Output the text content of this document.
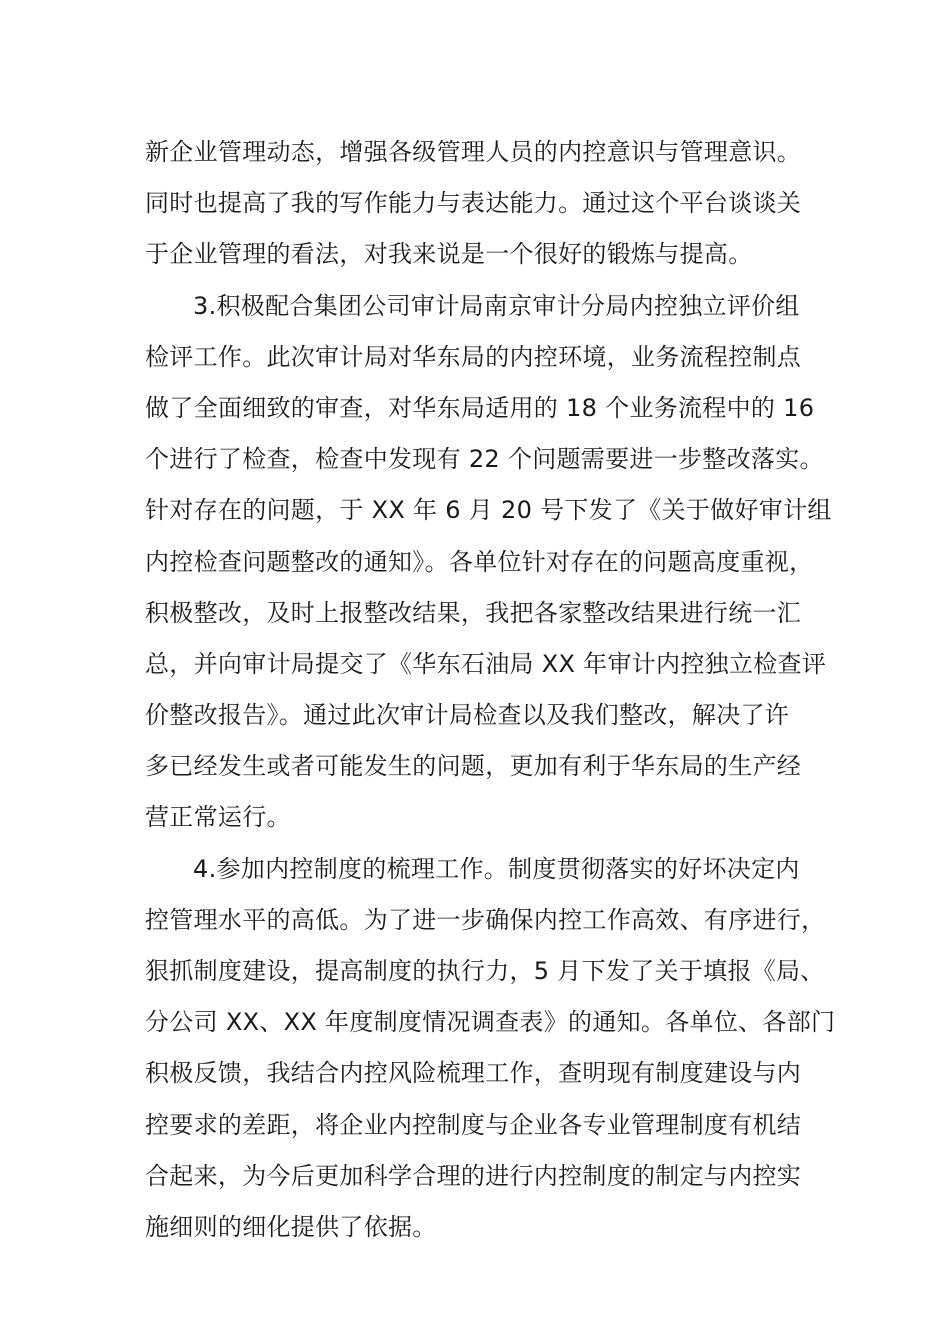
新企业管理动态，增强各级管理人员的内控意识与管理意识。
同时也提高了我的写作能力与表达能力。通过这个平台谈谈关
于企业管理的看法，对我来说是一个很好的锻炼与提高。
3.积极配合集团公司审计局南京审计分局内控独立评价组
检评工作。此次审计局对华东局的内控环境，业务流程控制点
做了全面细致的审查，对华东局适用的 18 个业务流程中的 16
个进行了检查，检查中发现有 22 个问题需要进一步整改落实。
针对存在的问题，于 XX 年 6 月 20 号下发了《关于做好审计组
内控检查问题整改的通知》。各单位针对存在的问题高度重视，
积极整改，及时上报整改结果，我把各家整改结果进行统一汇
总，并向审计局提交了《华东石油局 XX 年审计内控独立检查评
价整改报告》。通过此次审计局检查以及我们整改，解决了许
多已经发生或者可能发生的问题，更加有利于华东局的生产经
营正常运行。
4.参加内控制度的梳理工作。制度贯彻落实的好坏决定内
控管理水平的高低。为了进一步确保内控工作高效、有序进行，
狠抓制度建设，提高制度的执行力，5 月下发了关于填报《局、
分公司 XX、XX 年度制度情况调查表》的通知。各单位、各部门
积极反馈，我结合内控风险梳理工作，查明现有制度建设与内
控要求的差距，将企业内控制度与企业各专业管理制度有机结
合起来，为今后更加科学合理的进行内控制度的制定与内控实
施细则的细化提供了依据。
